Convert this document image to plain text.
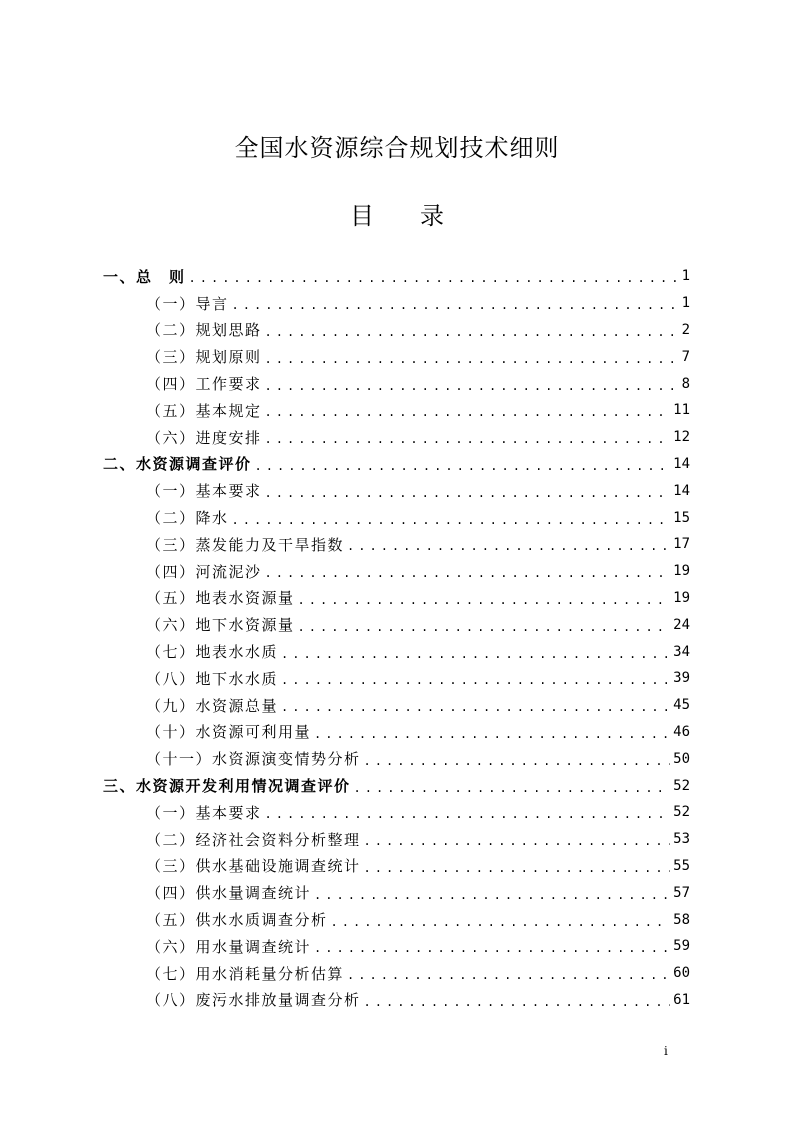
全国水资源综合规划技术细则
目 录
一、总　则 .....	1
（一）导言 .....	1
（二）规划思路 .....	2
（三）规划原则 .....	7
（四）工作要求 .....	8
（五）基本规定 .....	11
（六）进度安排 .....	12
二、水资源调查评价 .....	14
（一）基本要求 .....	14
（二）降水 .....	15
（三）蒸发能力及干旱指数 .....	17
（四）河流泥沙 .....	19
（五）地表水资源量 .....	19
（六）地下水资源量 .....	24
（七）地表水水质 .....	34
（八）地下水水质 .....	39
（九）水资源总量 .....	45
（十）水资源可利用量 .....	46
（十一）水资源演变情势分析 .....	50
三、水资源开发利用情况调查评价 .....	52
（一）基本要求 .....	52
（二）经济社会资料分析整理 .....	53
（三）供水基础设施调查统计 .....	55
（四）供水量调查统计 .....	57
（五）供水水质调查分析 .....	58
（六）用水量调查统计 .....	59
（七）用水消耗量分析估算 .....	60
（八）废污水排放量调查分析 .....	61
i
